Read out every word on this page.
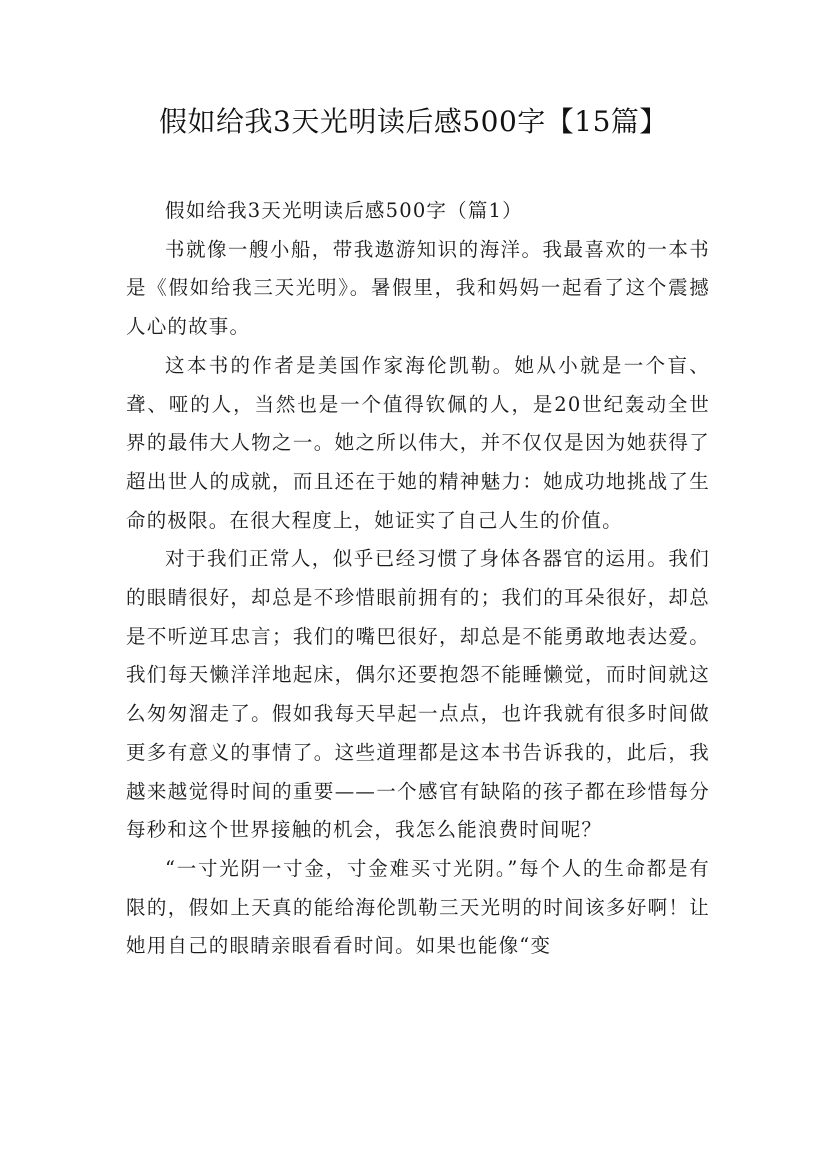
假如给我3天光明读后感500字【15篇】

假如给我3天光明读后感500字（篇1）

书就像一艘小船，带我遨游知识的海洋。我最喜欢的一本书是《假如给我三天光明》。暑假里，我和妈妈一起看了这个震撼人心的故事。

这本书的作者是美国作家海伦凯勒。她从小就是一个盲、聋、哑的人，当然也是一个值得钦佩的人，是20世纪轰动全世界的最伟大人物之一。她之所以伟大，并不仅仅是因为她获得了超出世人的成就，而且还在于她的精神魅力：她成功地挑战了生命的极限。在很大程度上，她证实了自己人生的价值。

对于我们正常人，似乎已经习惯了身体各器官的运用。我们的眼睛很好，却总是不珍惜眼前拥有的；我们的耳朵很好，却总是不听逆耳忠言；我们的嘴巴很好，却总是不能勇敢地表达爱。我们每天懒洋洋地起床，偶尔还要抱怨不能睡懒觉，而时间就这么匆匆溜走了。假如我每天早起一点点，也许我就有很多时间做更多有意义的事情了。这些道理都是这本书告诉我的，此后，我越来越觉得时间的重要——一个感官有缺陷的孩子都在珍惜每分每秒和这个世界接触的机会，我怎么能浪费时间呢？

“一寸光阴一寸金，寸金难买寸光阴。”每个人的生命都是有限的，假如上天真的能给海伦凯勒三天光明的时间该多好啊！让她用自己的眼睛亲眼看看时间。如果也能像“变
